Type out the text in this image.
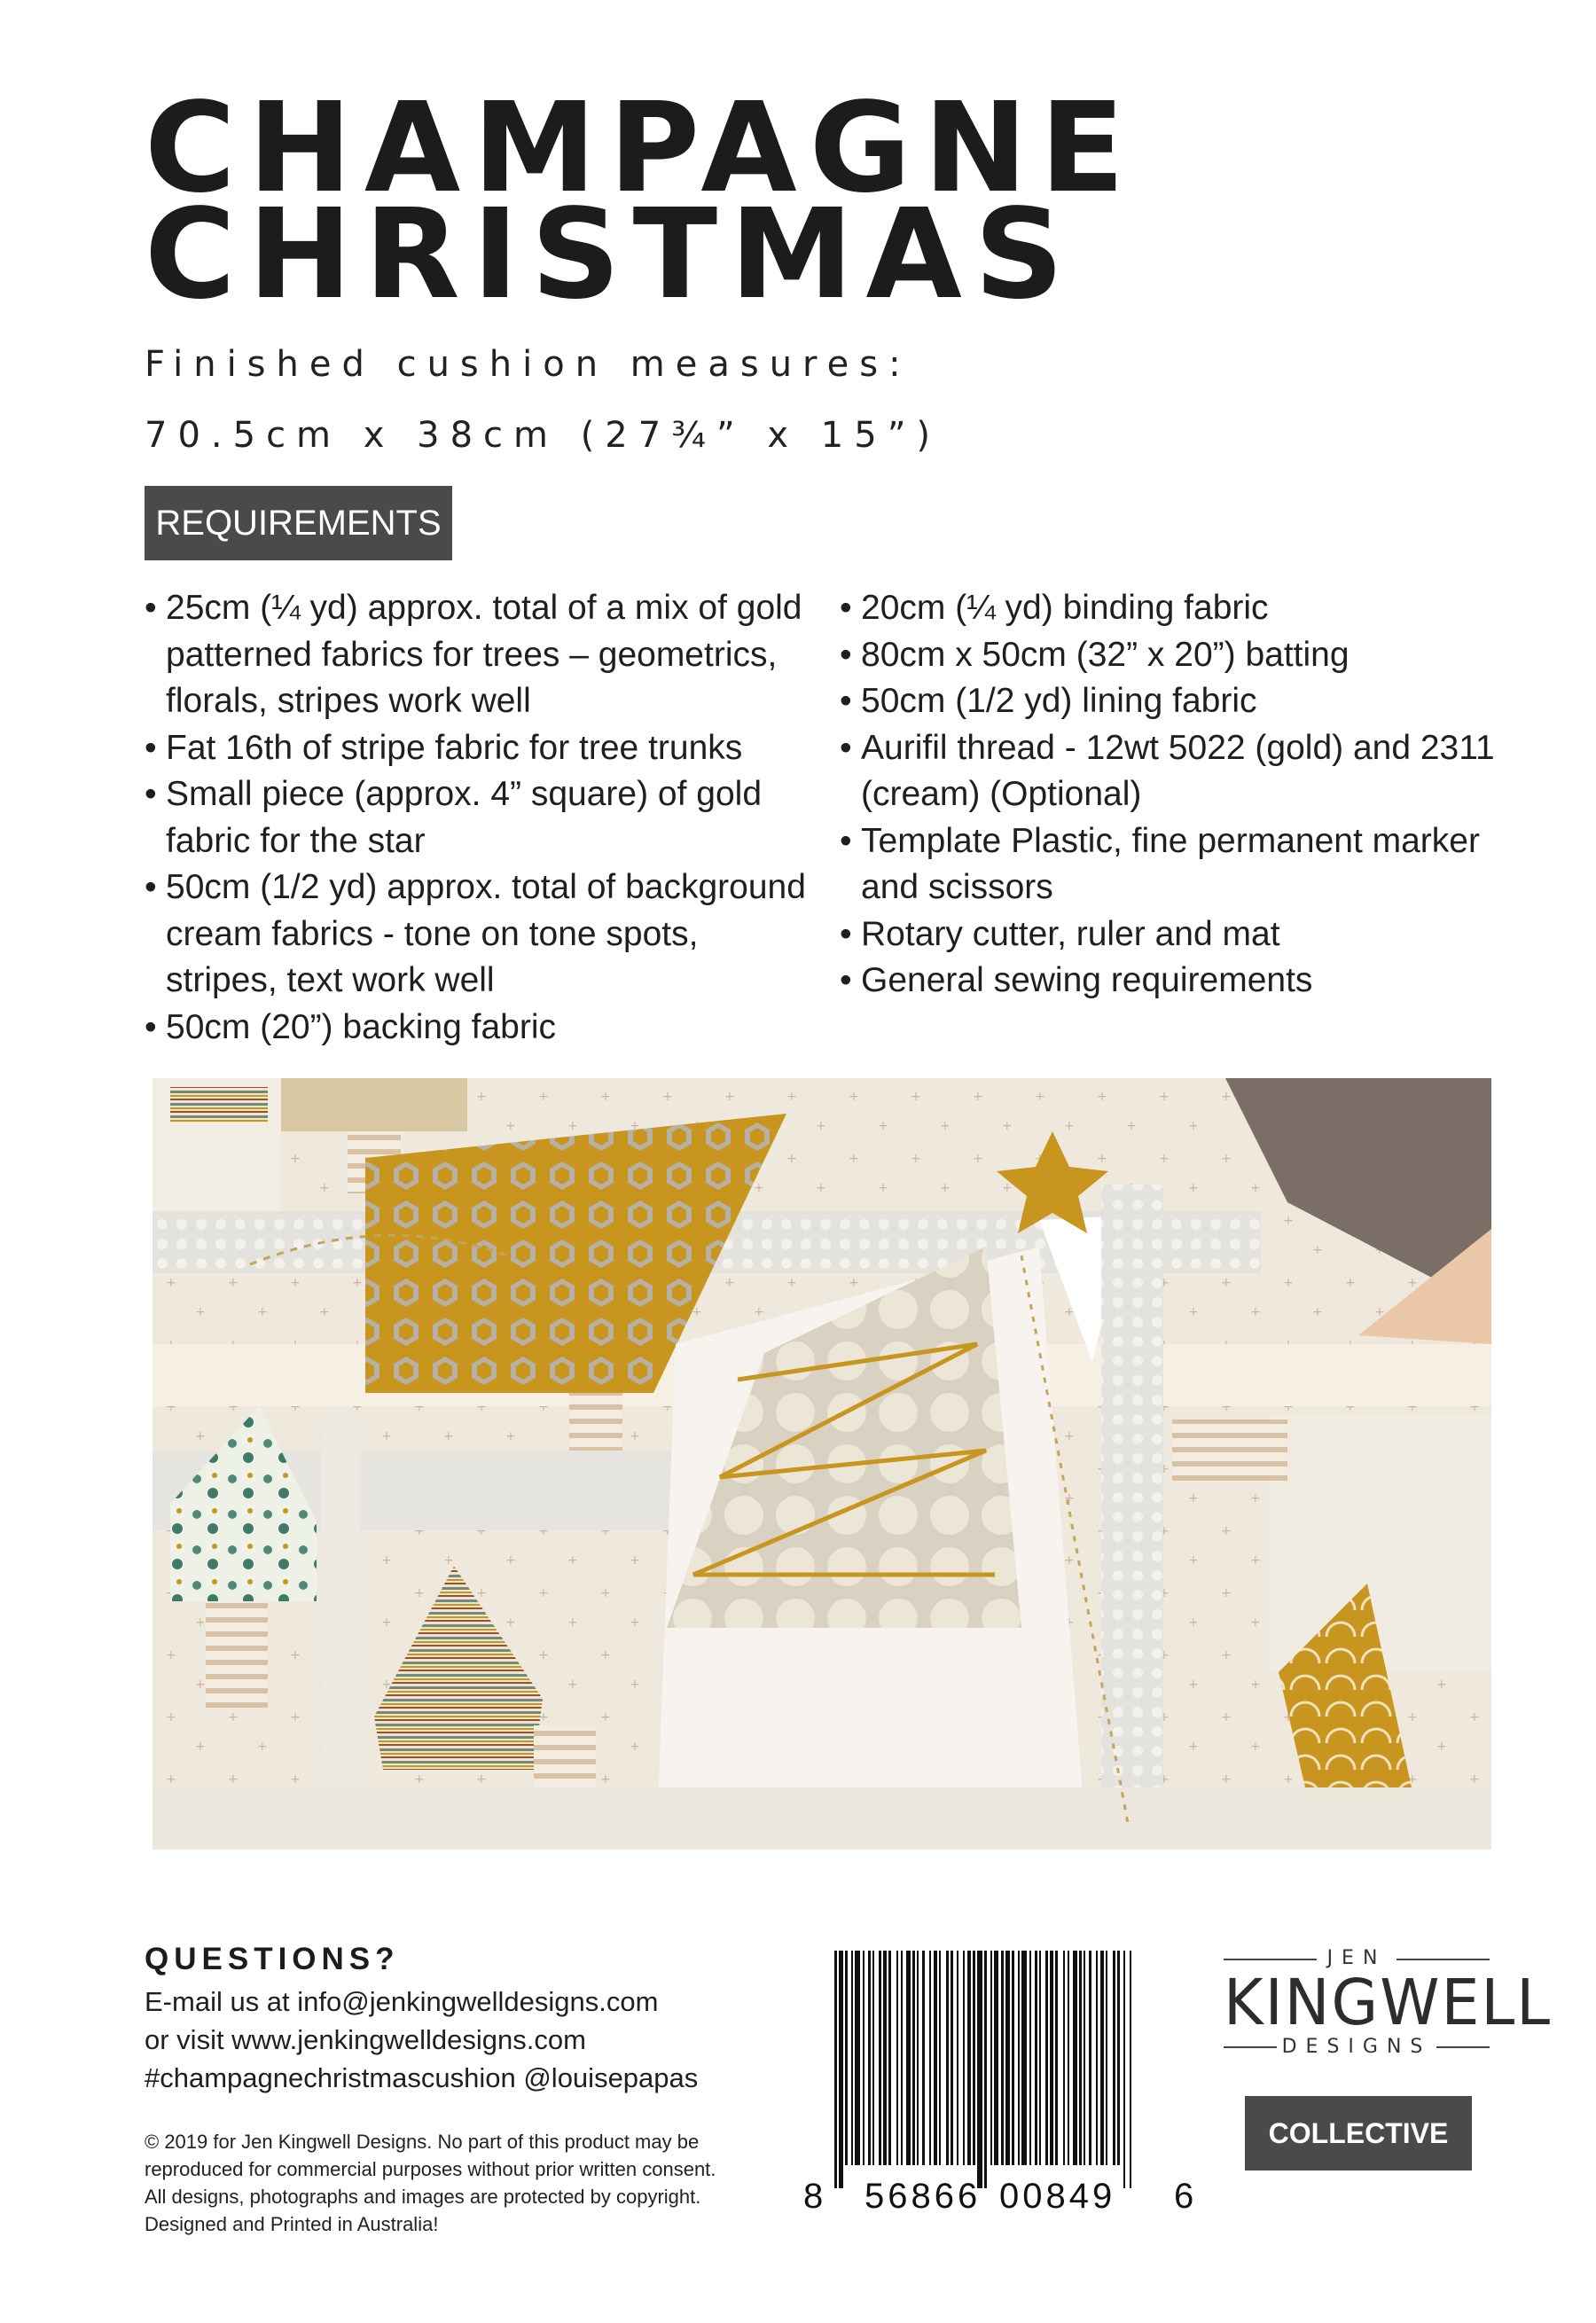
CHAMPAGNE
CHRISTMAS
Finished cushion measures:
70.5cm x 38cm (27¾” x 15”)
REQUIREMENTS
• 25cm (¼ yd) approx. total of a mix of gold patterned fabrics for trees – geometrics, florals, stripes work well
• Fat 16th of stripe fabric for tree trunks
• Small piece (approx. 4” square) of gold fabric for the star
• 50cm (1/2 yd) approx. total of background cream fabrics - tone on tone spots, stripes, text work well
• 50cm (20”) backing fabric
• 20cm (¼ yd) binding fabric
• 80cm x 50cm (32” x 20”) batting
• 50cm (1/2 yd) lining fabric
• Aurifil thread - 12wt 5022 (gold) and 2311 (cream) (Optional)
• Template Plastic, fine permanent marker and scissors
• Rotary cutter, ruler and mat
• General sewing requirements
QUESTIONS?
E-mail us at info@jenkingwelldesigns.com
or visit www.jenkingwelldesigns.com
#champagnechristmascushion @louisepapas
© 2019 for Jen Kingwell Designs. No part of this product may be
reproduced for commercial purposes without prior written consent.
All designs, photographs and images are protected by copyright.
Designed and Printed in Australia!
8 56866 00849 6
JEN
KINGWELL
DESIGNS
COLLECTIVE
